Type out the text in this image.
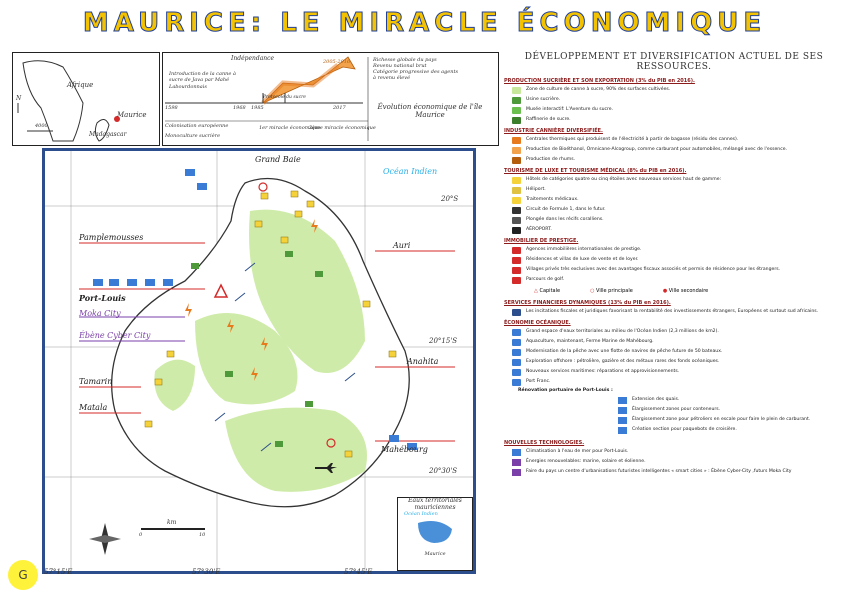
MAURICE: LE MIRACLE ÉCONOMIQUE
Afrique
Maurice
Madagascar
N
4000
Indépendance
Introduction de la canne à sucre de Java par Mahé Labourdonnais
1598	1968 1985	2017
2005-2016
Protocole du sucre
Colonisation européenne
Monoculture sucrière
1er miracle économique
2ème miracle économique
Richesse globale du pays
Revenu national brut
Catégorie progressive des agents
à revenu élevé
Évolution économique de l'île Maurice
Océan Indien
20°S
20°15'S
20°30'S
Grand Baie
Pamplemousses
Port-Louis
Moka City
Ébène Cyber City
Tamarin
Matala
Auri
Anahita
Mahébourg
km
0	10
Eaux territoriales mauriciennes
Océan Indien
Maurice
57°15'E	57°30'E	57°45'E
G
DÉVELOPPEMENT ET DIVERSIFICATION ACTUEL DE SES RESSOURCES.
PRODUCTION SUCRIÈRE ET SON EXPORTATION (3% du PIB en 2016).
Zone de culture de canne à sucre, 90% des surfaces cultivées.
Usine sucrière.
Musée interactif: L'Aventure du sucre.
Raffinerie de sucre.
INDUSTRIE CANNIÈRE DIVERSIFIÉE.
Centrales thermiques qui produisent de l'électricité à partir de bagasse (résidu des cannes).
Production de Bioéthanol, Omnicane-Alcogroup, comme carburant pour automobiles, mélangé avec de l'essence.
Production de rhums.
TOURISME DE LUXE ET TOURISME MÉDICAL (8% du PIB en 2016).
Hôtels de catégories quatre ou cinq étoiles avec nouveaux services haut de gamme:
Héliport.
Traitements médicaux.
Circuit de Formule 1, dans le futur.
Plongée dans les récifs coralliens.
AÉROPORT.
IMMOBILIER DE PRESTIGE.
Agences immobilières internationales de prestige.
Résidences et villas de luxe de vente et de loyer.
Villages privés très exclusives avec des avantages fiscaux associés et permis de résidence pour les étrangers.
Parcours de golf.
△ Capitale	○ Ville principale	● Ville secondaire
SERVICES FINANCIERS DYNAMIQUES (13% du PIB en 2016).
Les incitations fiscales et juridiques favorisant la rentabilité des investissements étrangers, Européens et surtout sud africains.
ÉCONOMIE OCÉANIQUE.
Grand espace d'eaux territoriales au milieu de l'Océan Indien (2,3 millions de km2).
Aquaculture, maintenant, Ferme Marine de Mahébourg.
Modernisation de la pêche avec une flotte de navires de pêche future de 50 bateaux.
Exploration offshore : pétrolière, gazière et des métaux rares des fonds océaniques.
Nouveaux services maritimes: réparations et approvisionnements.
Port Franc.
Rénovation portuaire de Port-Louis :
Extension des quais.
Élargissement zones pour conteneurs.
Élargissement zone pour pétroliers en escale pour faire le plein de carburant.
Création section pour paquebots de croisière.
NOUVELLES TECHNOLOGIES.
Climatisation à l'eau de mer pour Port-Louis.
Énergies renouvelables: marine, solaire et éolienne.
Faire du pays un centre d'urbanisations futuristes intelligentes « smart cities » : Ébène Cyber-City ,futurs Moka City
